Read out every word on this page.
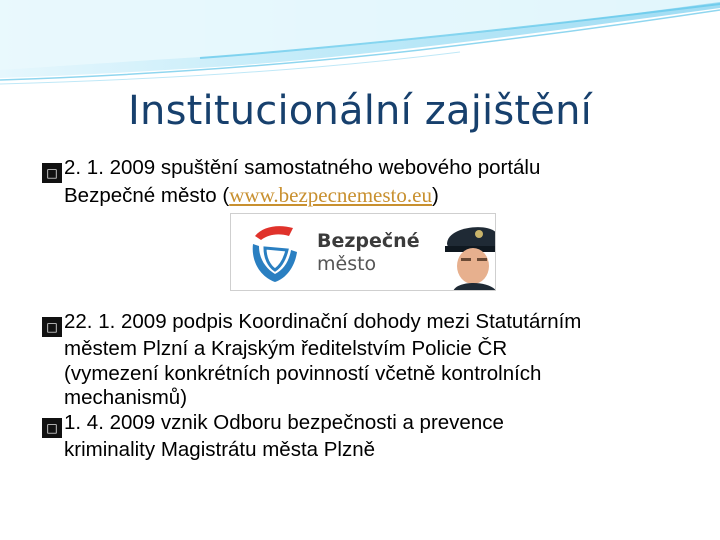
Institucionální zajištění
□ 2. 1. 2009 spuštění samostatného webového portálu
Bezpečné město (www.bezpecnemesto.eu)
Bezpečné
město
□ 22. 1. 2009 podpis Koordinační dohody mezi Statutárním
městem Plzní a Krajským ředitelstvím Policie ČR
(vymezení konkrétních povinností včetně kontrolních
mechanismů)
□ 1. 4. 2009 vznik Odboru bezpečnosti a prevence
kriminality Magistrátu města Plzně
